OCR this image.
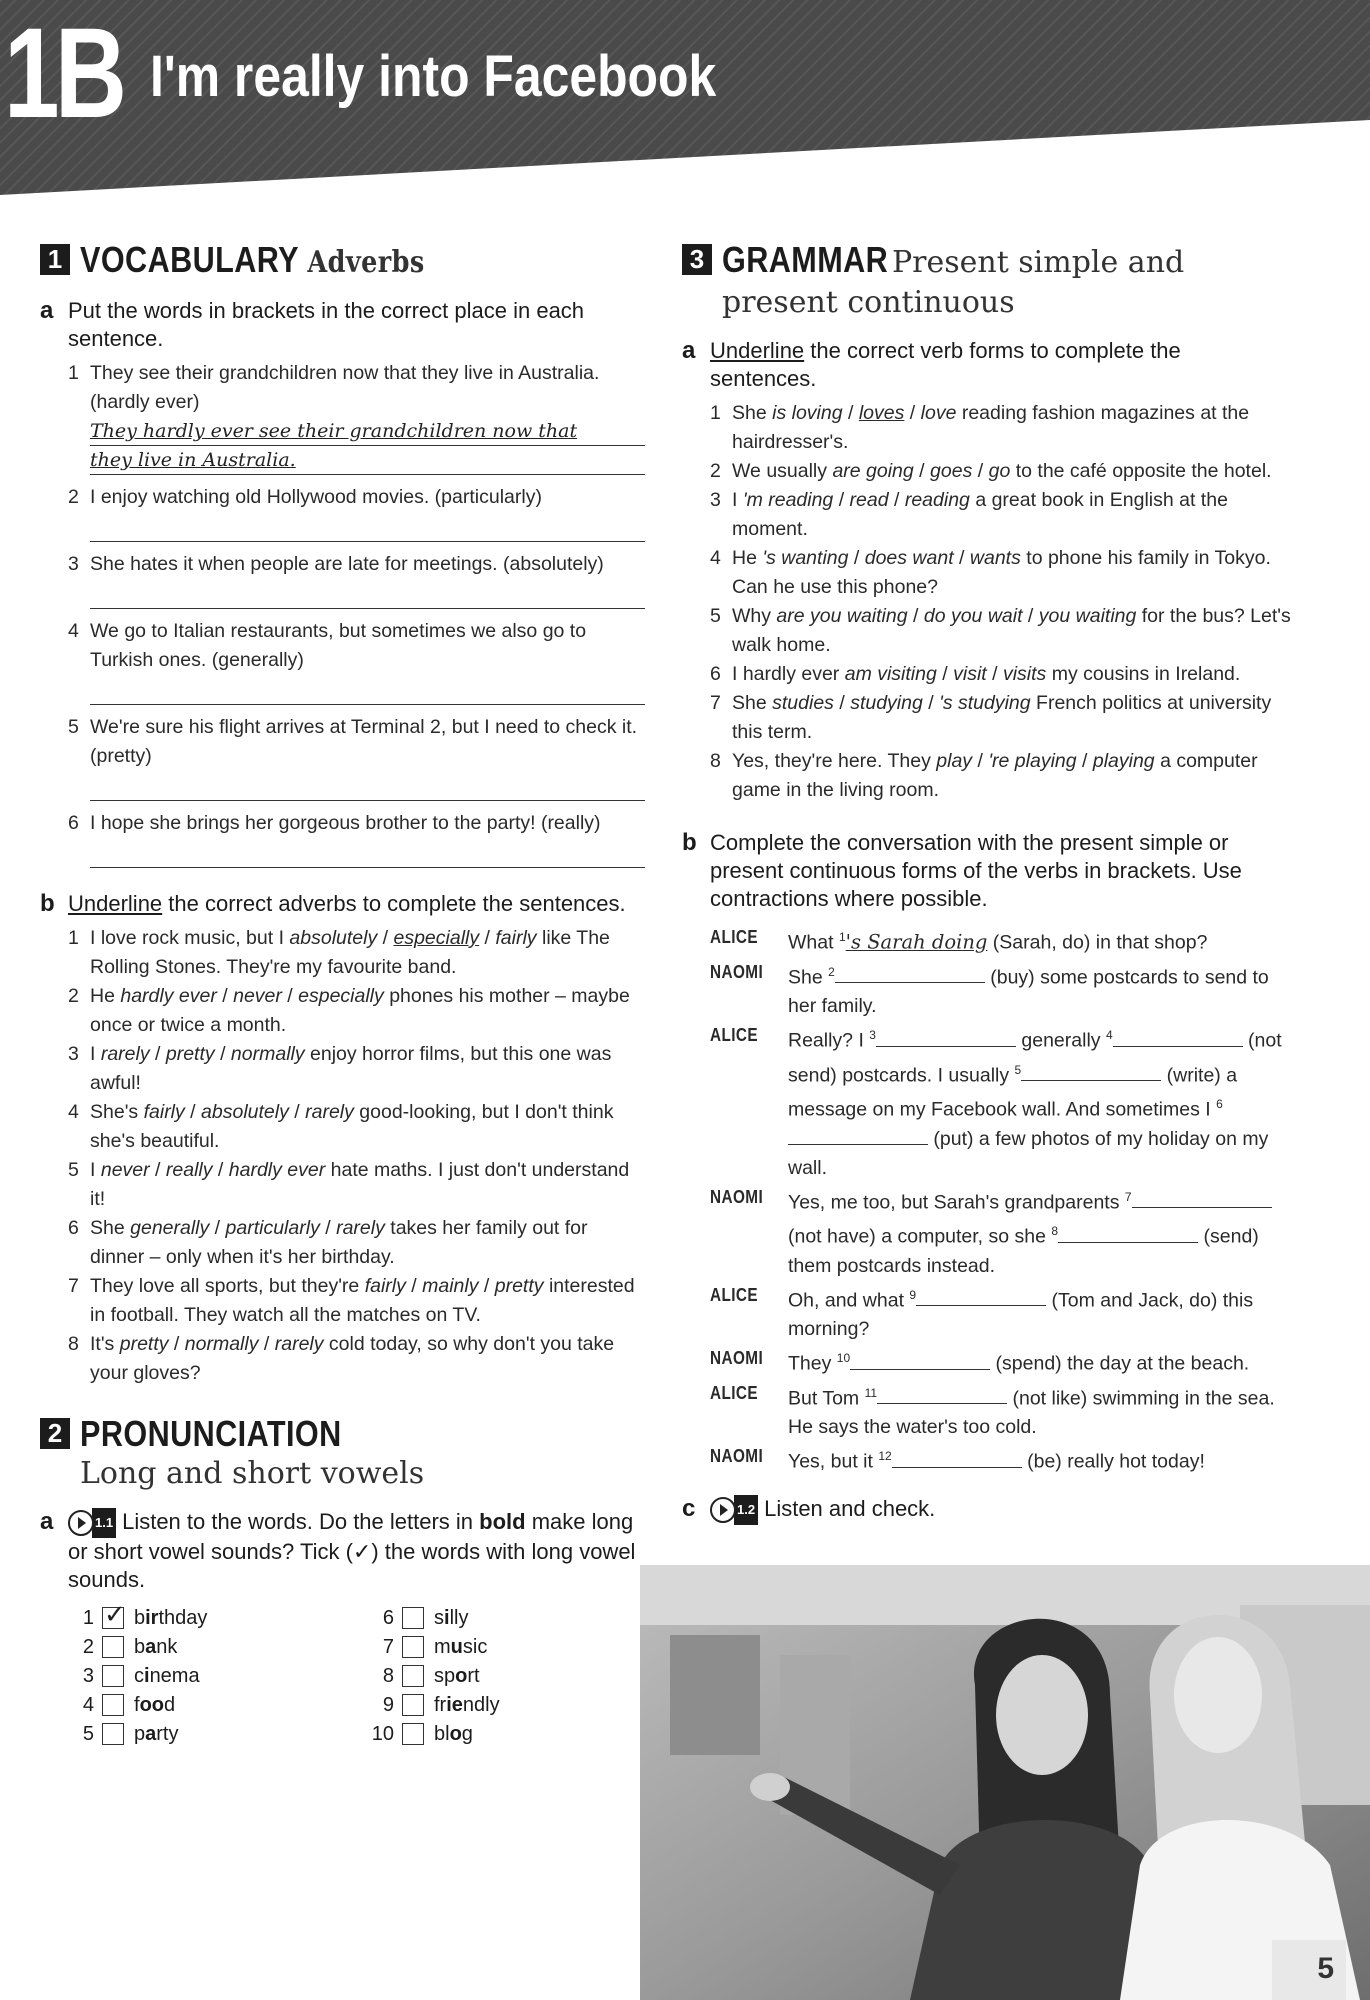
1B I'm really into Facebook
1 VOCABULARY Adverbs
a Put the words in brackets in the correct place in each sentence.
1 They see their grandchildren now that they live in Australia. (hardly ever)
They hardly ever see their grandchildren now that
they live in Australia.
2 I enjoy watching old Hollywood movies. (particularly)
3 She hates it when people are late for meetings. (absolutely)
4 We go to Italian restaurants, but sometimes we also go to Turkish ones. (generally)
5 We're sure his flight arrives at Terminal 2, but I need to check it. (pretty)
6 I hope she brings her gorgeous brother to the party! (really)
b Underline the correct adverbs to complete the sentences.
1 I love rock music, but I absolutely / especially / fairly like The Rolling Stones. They're my favourite band.
2 He hardly ever / never / especially phones his mother – maybe once or twice a month.
3 I rarely / pretty / normally enjoy horror films, but this one was awful!
4 She's fairly / absolutely / rarely good-looking, but I don't think she's beautiful.
5 I never / really / hardly ever hate maths. I just don't understand it!
6 She generally / particularly / rarely takes her family out for dinner – only when it's her birthday.
7 They love all sports, but they're fairly / mainly / pretty interested in football. They watch all the matches on TV.
8 It's pretty / normally / rarely cold today, so why don't you take your gloves?
2 PRONUNCIATION
Long and short vowels
a	1.1 Listen to the words. Do the letters in bold make long or short vowel sounds? Tick (✓) the words with long vowel sounds.
1
✓ b ir thday	6 s i lly
2 b a nk	7 m u sic
3 c i nema	8 sp o rt
4 f oo d	9 fr ie ndly
5 p a rty	10 bl o g
3 GRAMMAR Present simple and
present continuous
a Underline the correct verb forms to complete the sentences.
1 She is loving / loves / love reading fashion magazines at the hairdresser's.
2 We usually are going / goes / go to the café opposite the hotel.
3 I 'm reading / read / reading a great book in English at the moment.
4 He 's wanting / does want / wants to phone his family in Tokyo. Can he use this phone?
5 Why are you waiting / do you wait / you waiting for the bus? Let's walk home.
6 I hardly ever am visiting / visit / visits my cousins in Ireland.
7 She studies / studying / 's studying French politics at university this term.
8 Yes, they're here. They play / 're playing / playing a computer game in the living room.
b Complete the conversation with the present simple or present continuous forms of the verbs in brackets. Use contractions where possible.
ALICE	What $^1$'s Sarah doing (Sarah, do) in that shop?
NAOMI	She $^2$	(buy) some postcards to send to her family.
ALICE	Really? I $^3$	generally $^4$	(not send) postcards. I usually $^5$	(write) a message on my Facebook wall. And sometimes I $^6$ (put) a few photos of my holiday on my wall.
NAOMI	Yes, me too, but Sarah's grandparents $^7$ (not have) a computer, so she $^8$	(send) them postcards instead.
ALICE	Oh, and what $^9$	(Tom and Jack, do) this morning?
NAOMI	They $^{10}$	(spend) the day at the beach.
ALICE	But Tom $^{11}$	(not like) swimming in the sea. He says the water's too cold.
NAOMI	Yes, but it $^{12}$	(be) really hot today!
c	1.2 Listen and check.
5
